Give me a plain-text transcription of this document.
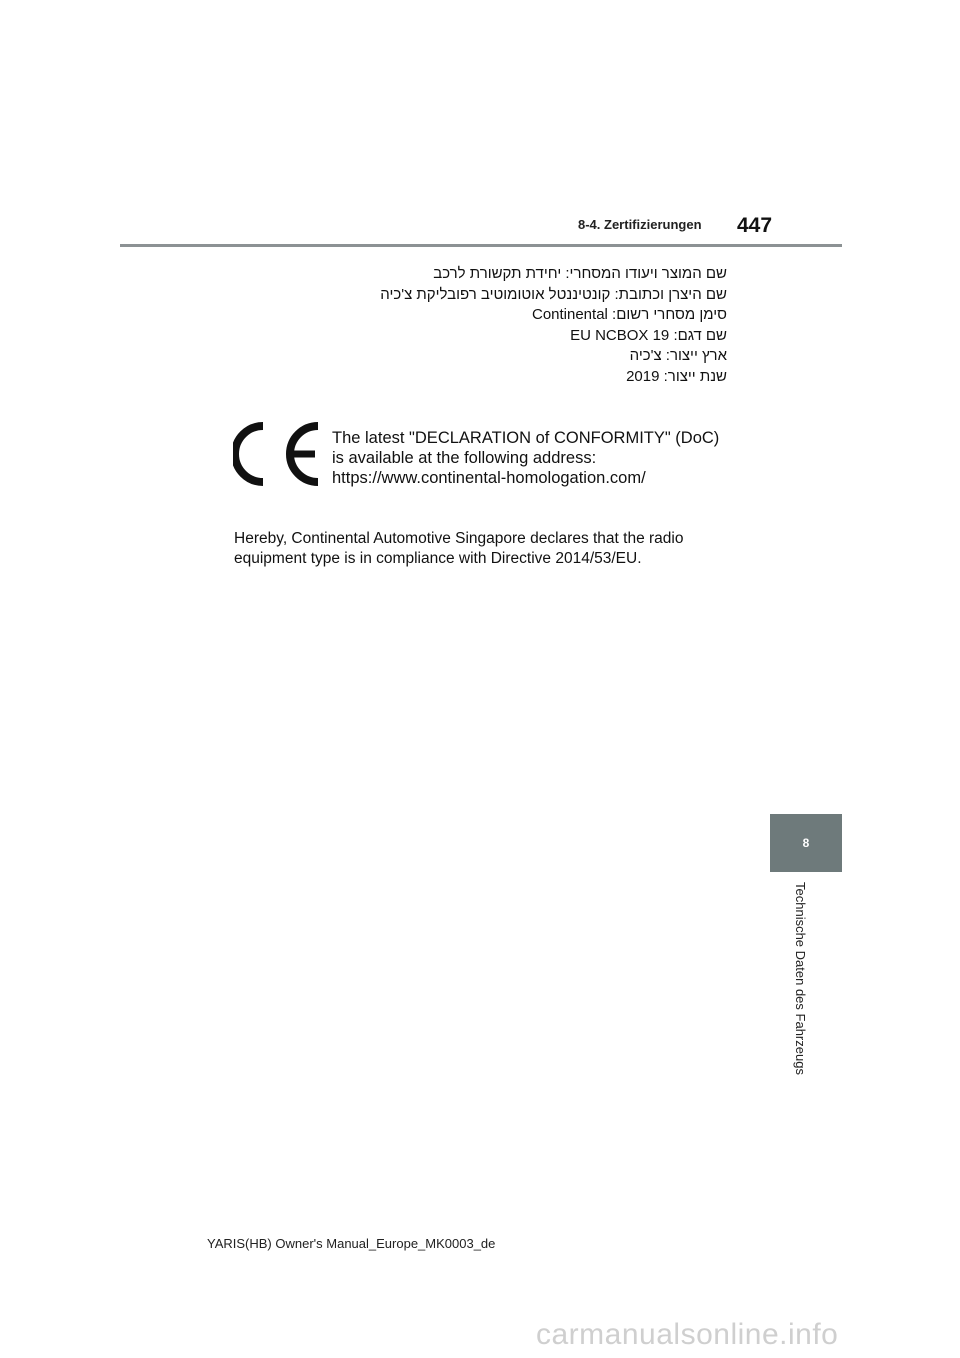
8-4. Zertifizierungen 447
שם המוצר ויעודו המסחרי: יחידת תקשורת לרכב
שם היצרן וכתובת: קונטיננטל אוטומוטיב רפובליקת צ'כיה
סימן מסחרי רשום: Continental
שם דגם: EU NCBOX 19
ארץ ייצור: צ'כיה
שנת ייצור: 2019
The latest "DECLARATION of CONFORMITY" (DoC)
is available at the following address:
https://www.continental-homologation.com/
Hereby, Continental Automotive Singapore declares that the radio
equipment type is in compliance with Directive 2014/53/EU.
8
Technische Daten des Fahrzeugs
YARIS(HB) Owner's Manual_Europe_MK0003_de
carmanualsonline.info
